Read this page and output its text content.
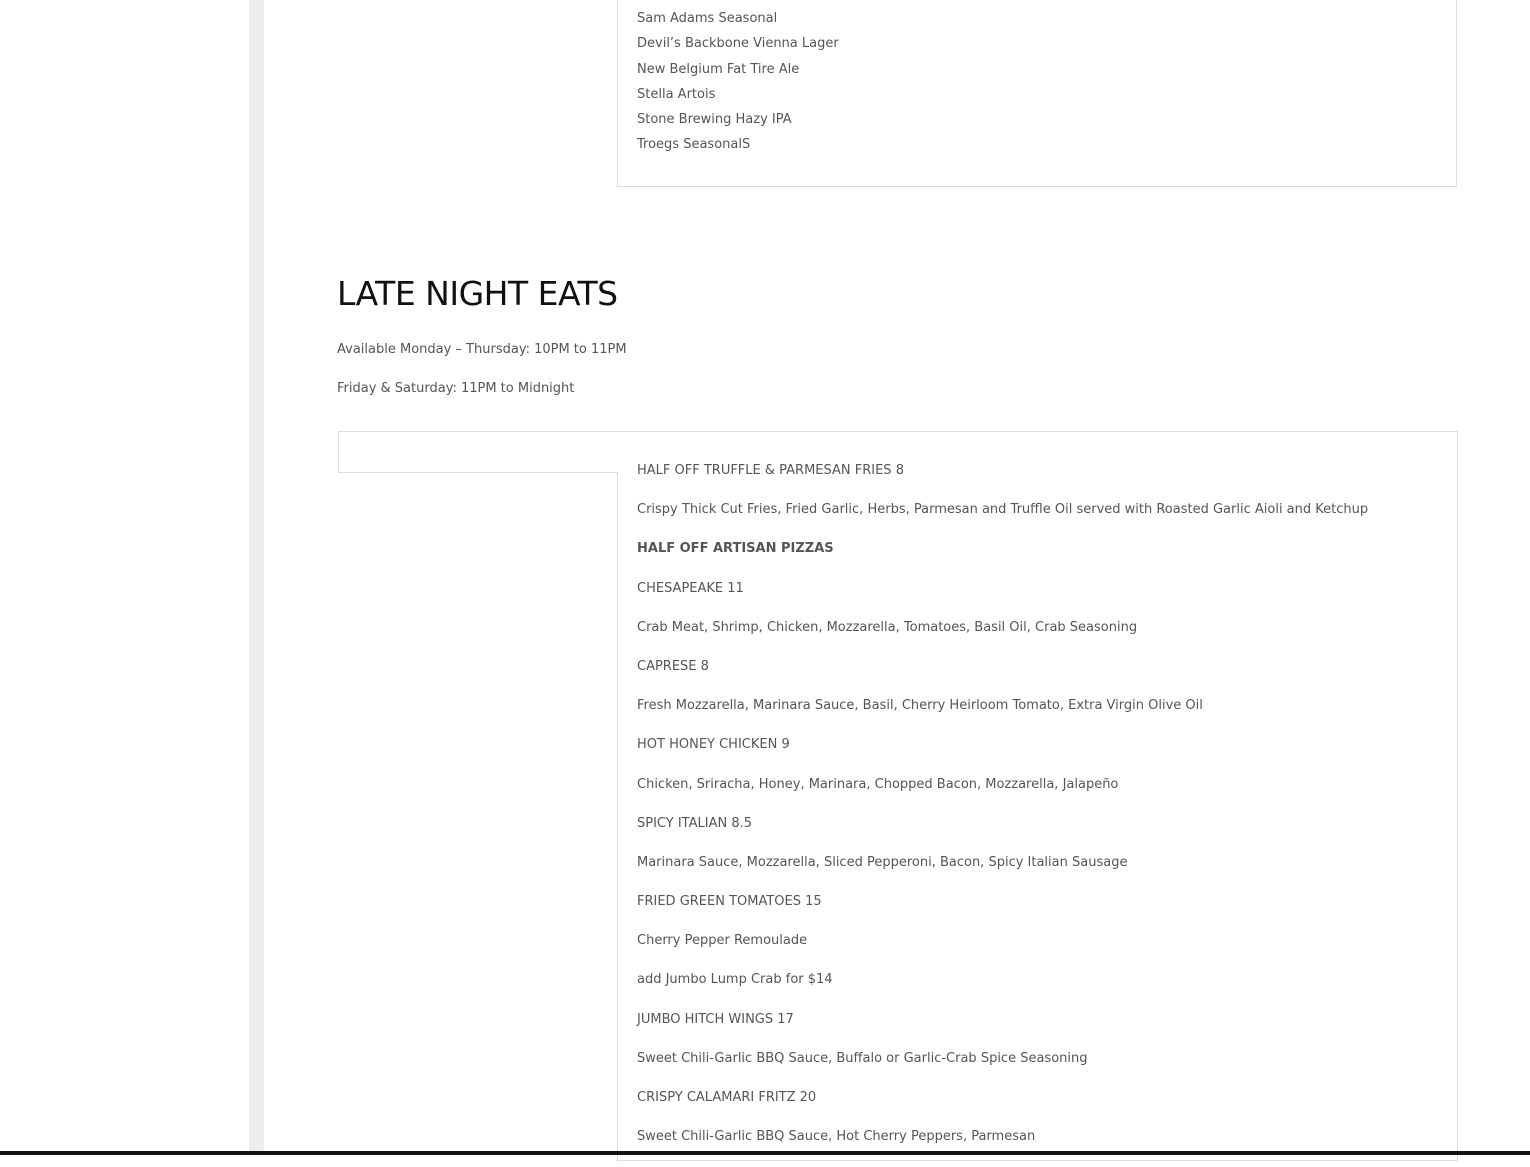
Sam Adams Seasonal
Devil’s Backbone Vienna Lager
New Belgium Fat Tire Ale
Stella Artois
Stone Brewing Hazy IPA
Troegs SeasonalS
LATE NIGHT EATS

Available Monday – Thursday: 10PM to 11PM

Friday & Saturday: 11PM to Midnight

HALF OFF TRUFFLE & PARMESAN FRIES 8
Crispy Thick Cut Fries, Fried Garlic, Herbs, Parmesan and Truffle Oil served with Roasted Garlic Aioli and Ketchup
HALF OFF ARTISAN PIZZAS
CHESAPEAKE 11
Crab Meat, Shrimp, Chicken, Mozzarella, Tomatoes, Basil Oil, Crab Seasoning
CAPRESE 8
Fresh Mozzarella, Marinara Sauce, Basil, Cherry Heirloom Tomato, Extra Virgin Olive Oil
HOT HONEY CHICKEN 9
Chicken, Sriracha, Honey, Marinara, Chopped Bacon, Mozzarella, Jalapeño
SPICY ITALIAN 8.5
Marinara Sauce, Mozzarella, Sliced Pepperoni, Bacon, Spicy Italian Sausage
FRIED GREEN TOMATOES 15
Cherry Pepper Remoulade
add Jumbo Lump Crab for $14
JUMBO HITCH WINGS 17
Sweet Chili-Garlic BBQ Sauce, Buffalo or Garlic-Crab Spice Seasoning
CRISPY CALAMARI FRITZ 20
Sweet Chili-Garlic BBQ Sauce, Hot Cherry Peppers, Parmesan
